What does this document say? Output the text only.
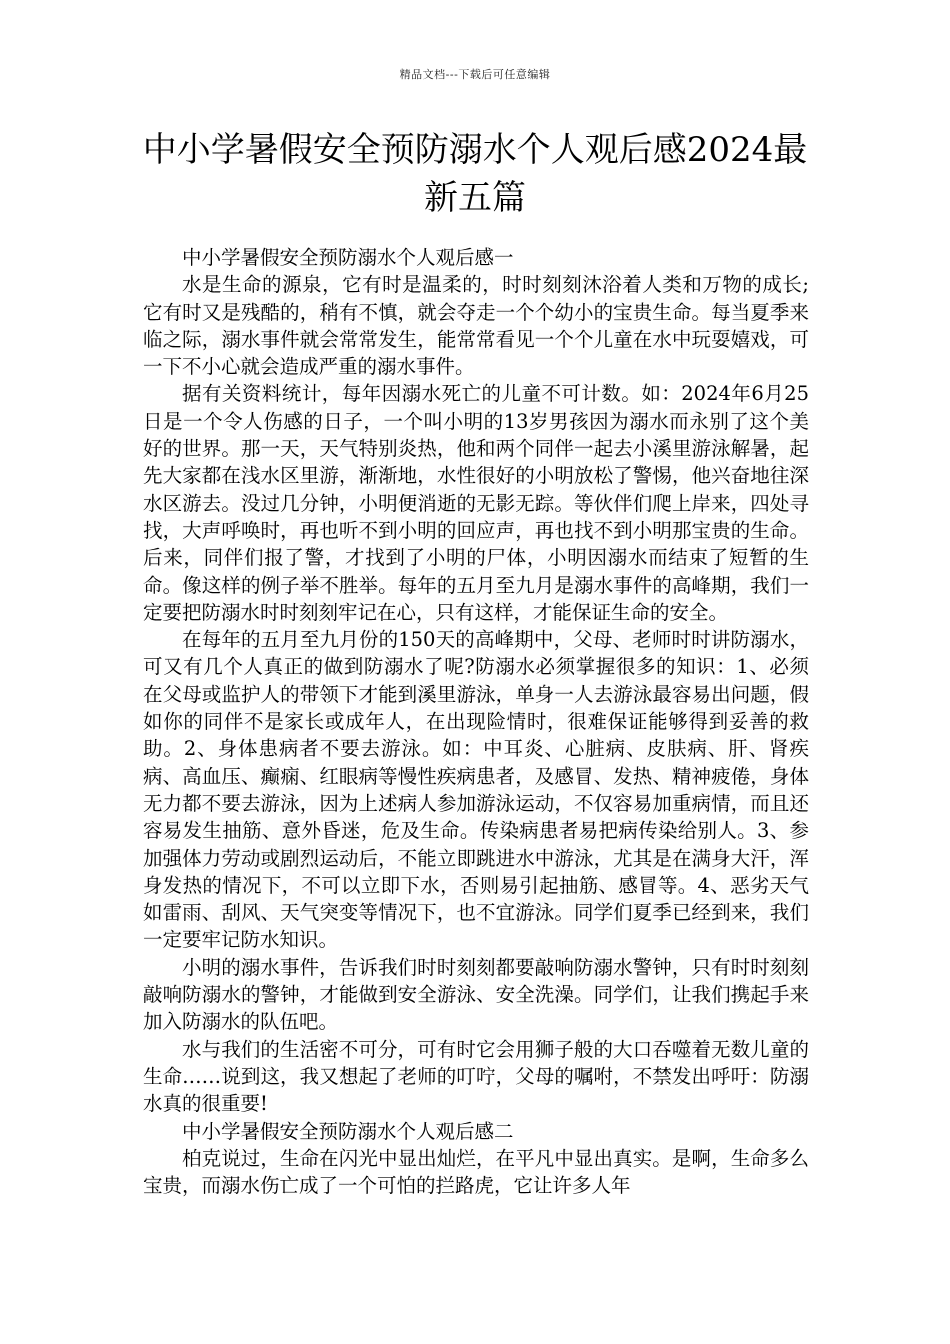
精品文档---下载后可任意编辑
中小学暑假安全预防溺水个人观后感2024最新五篇

中小学暑假安全预防溺水个人观后感一

水是生命的源泉，它有时是温柔的，时时刻刻沐浴着人类和万物的成长;它有时又是残酷的，稍有不慎，就会夺走一个个幼小的宝贵生命。每当夏季来临之际，溺水事件就会常常发生，能常常看见一个个儿童在水中玩耍嬉戏，可一下不小心就会造成严重的溺水事件。

据有关资料统计，每年因溺水死亡的儿童不可计数。如：2024年6月25日是一个令人伤感的日子，一个叫小明的13岁男孩因为溺水而永别了这个美好的世界。那一天，天气特别炎热，他和两个同伴一起去小溪里游泳解暑，起先大家都在浅水区里游，渐渐地，水性很好的小明放松了警惕，他兴奋地往深水区游去。没过几分钟，小明便消逝的无影无踪。等伙伴们爬上岸来，四处寻找，大声呼唤时，再也听不到小明的回应声，再也找不到小明那宝贵的生命。后来，同伴们报了警，才找到了小明的尸体，小明因溺水而结束了短暂的生命。像这样的例子举不胜举。每年的五月至九月是溺水事件的高峰期，我们一定要把防溺水时时刻刻牢记在心，只有这样，才能保证生命的安全。

在每年的五月至九月份的150天的高峰期中，父母、老师时时讲防溺水，可又有几个人真正的做到防溺水了呢?防溺水必须掌握很多的知识：1、必须在父母或监护人的带领下才能到溪里游泳，单身一人去游泳最容易出问题，假如你的同伴不是家长或成年人，在出现险情时，很难保证能够得到妥善的救助。2、身体患病者不要去游泳。如：中耳炎、心脏病、皮肤病、肝、肾疾病、高血压、癫痫、红眼病等慢性疾病患者，及感冒、发热、精神疲倦，身体无力都不要去游泳，因为上述病人参加游泳运动，不仅容易加重病情，而且还容易发生抽筋、意外昏迷，危及生命。传染病患者易把病传染给别人。3、参加强体力劳动或剧烈运动后，不能立即跳进水中游泳，尤其是在满身大汗，浑身发热的情况下，不可以立即下水，否则易引起抽筋、感冒等。4、恶劣天气如雷雨、刮风、天气突变等情况下，也不宜游泳。同学们夏季已经到来，我们一定要牢记防水知识。

小明的溺水事件，告诉我们时时刻刻都要敲响防溺水警钟，只有时时刻刻敲响防溺水的警钟，才能做到安全游泳、安全洗澡。同学们，让我们携起手来加入防溺水的队伍吧。

水与我们的生活密不可分，可有时它会用狮子般的大口吞噬着无数儿童的生命……说到这，我又想起了老师的叮咛，父母的嘱咐，不禁发出呼吁：防溺水真的很重要!

中小学暑假安全预防溺水个人观后感二

柏克说过，生命在闪光中显出灿烂，在平凡中显出真实。是啊，生命多么宝贵，而溺水伤亡成了一个可怕的拦路虎，它让许多人年
